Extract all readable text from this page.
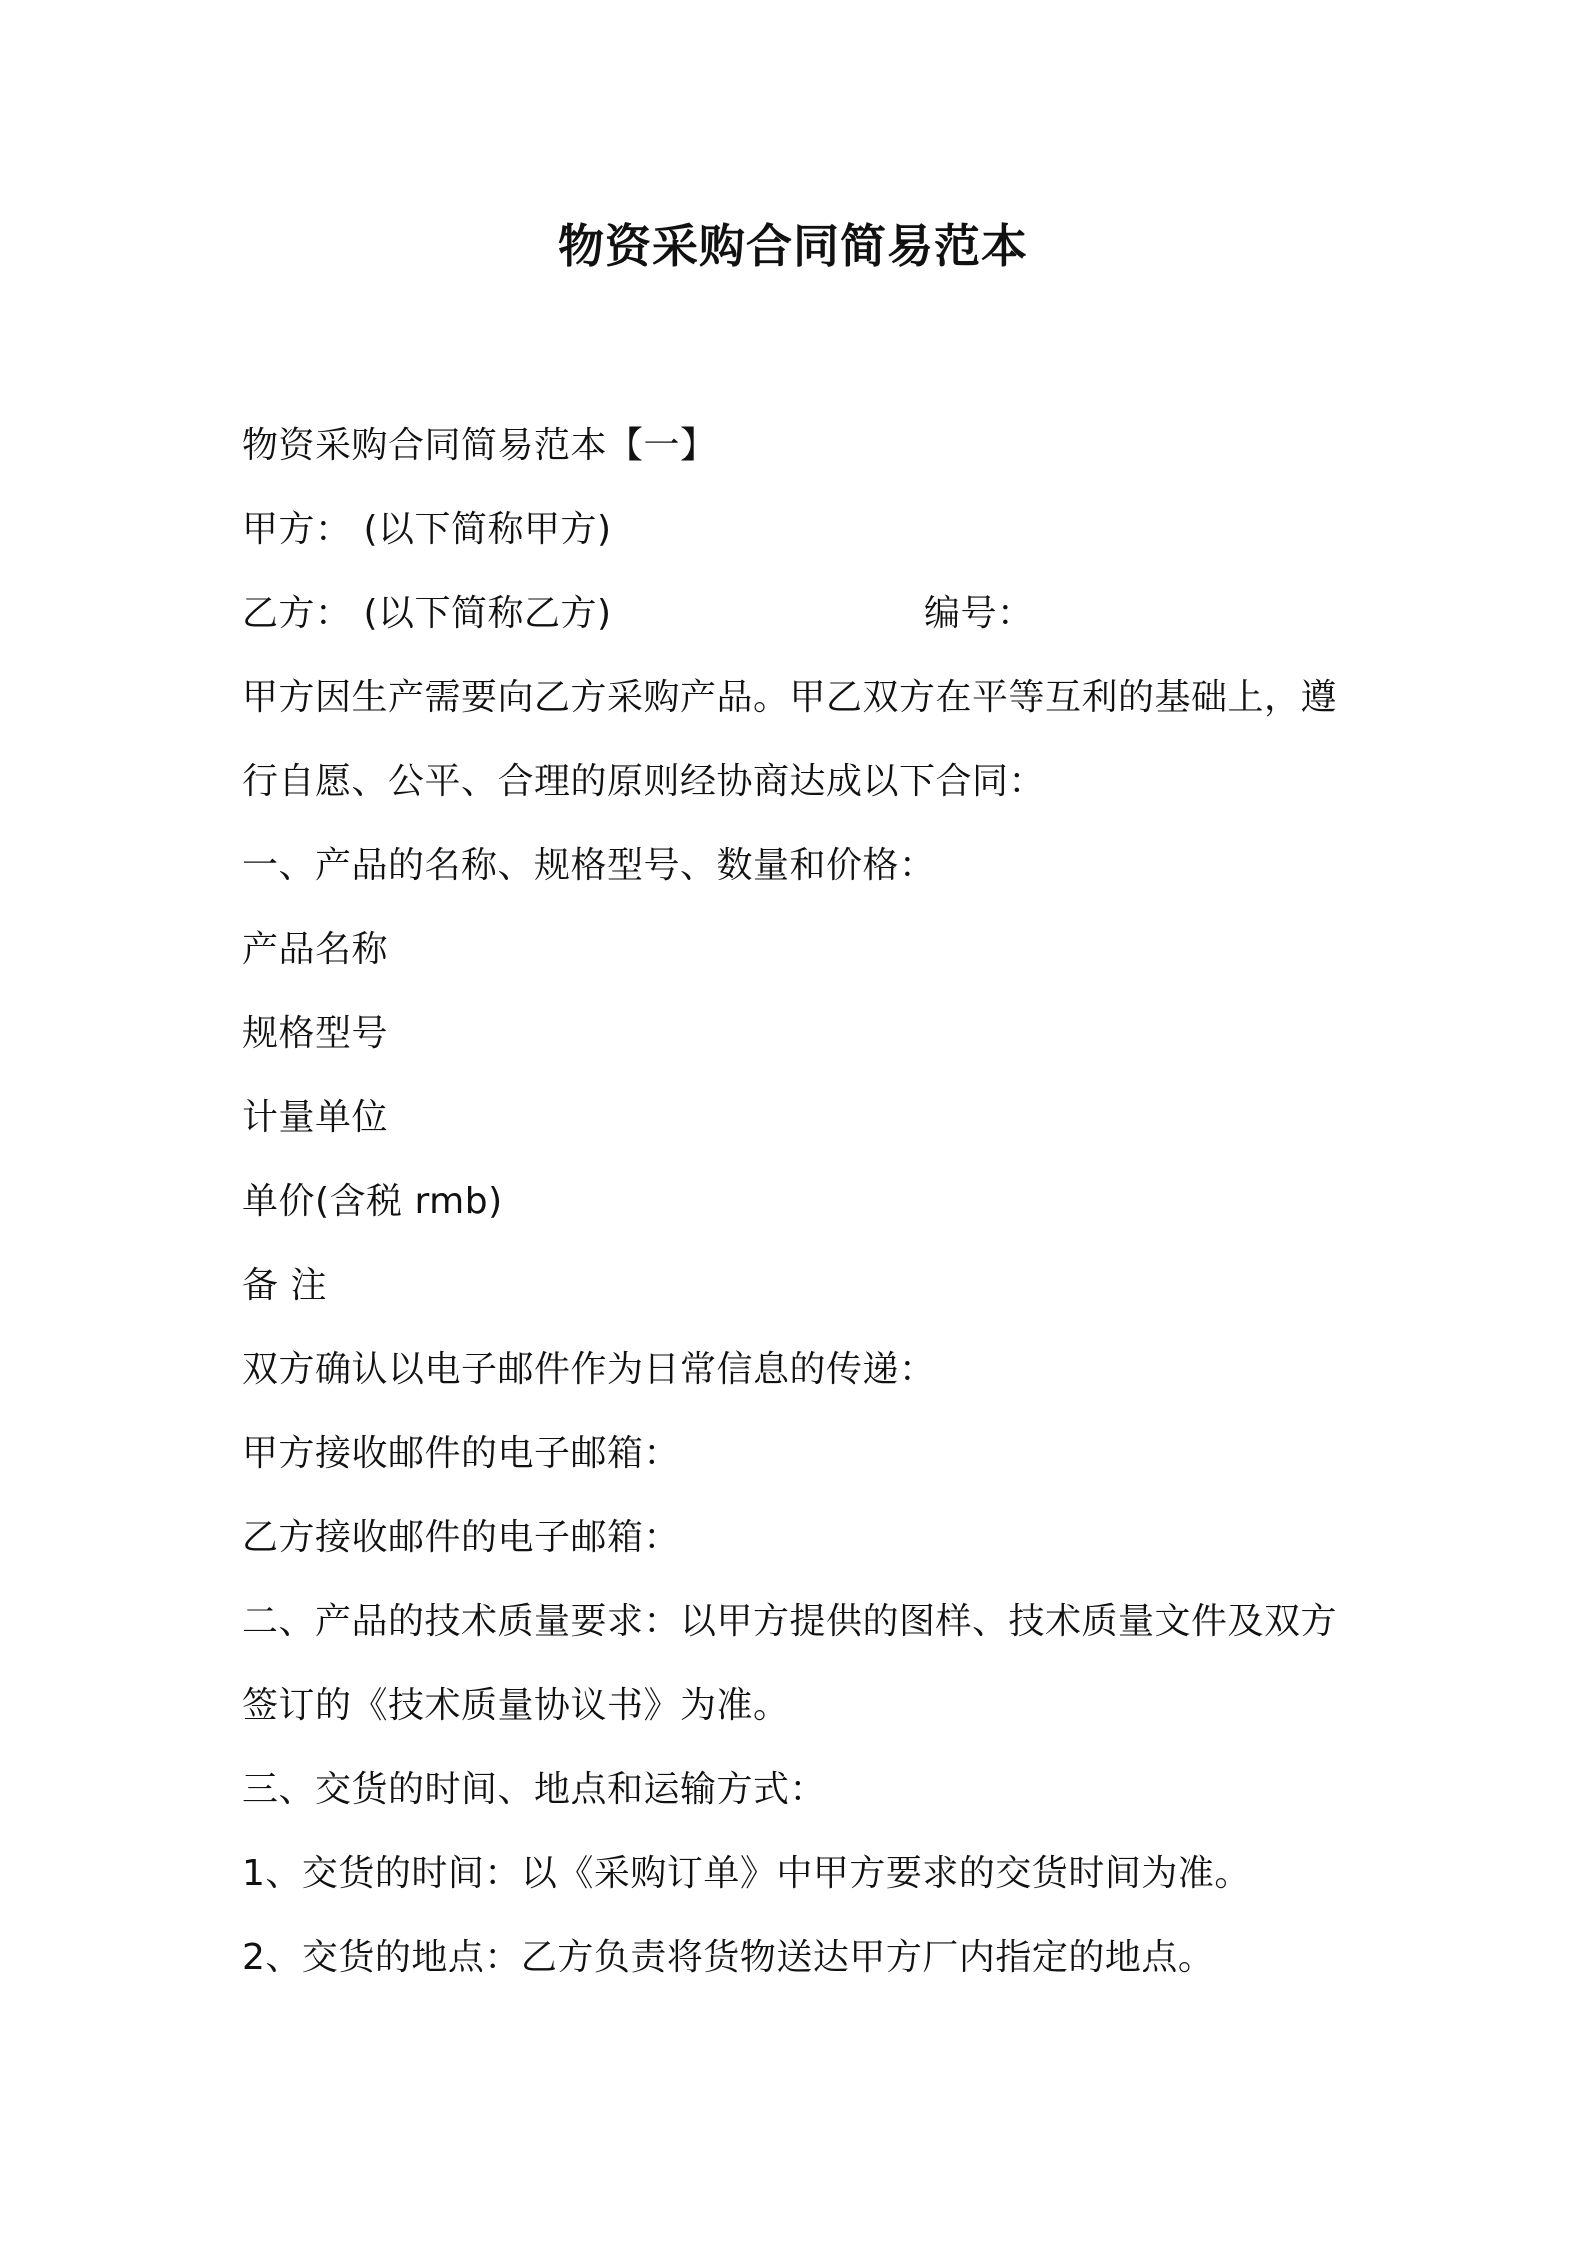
物资采购合同简易范本
物资采购合同简易范本【一】
甲方： (以下简称甲方)
乙方： (以下简称乙方)	编号：
甲方因生产需要向乙方采购产品。甲乙双方在平等互利的基础上，遵
行自愿、公平、合理的原则经协商达成以下合同：
一、产品的名称、规格型号、数量和价格：
产品名称
规格型号
计量单位
单价(含税 rmb)
备 注
双方确认以电子邮件作为日常信息的传递：
甲方接收邮件的电子邮箱：
乙方接收邮件的电子邮箱：
二、产品的技术质量要求：以甲方提供的图样、技术质量文件及双方
签订的《技术质量协议书》为准。
三、交货的时间、地点和运输方式：
1、交货的时间：以《采购订单》中甲方要求的交货时间为准。
2、交货的地点：乙方负责将货物送达甲方厂内指定的地点。
